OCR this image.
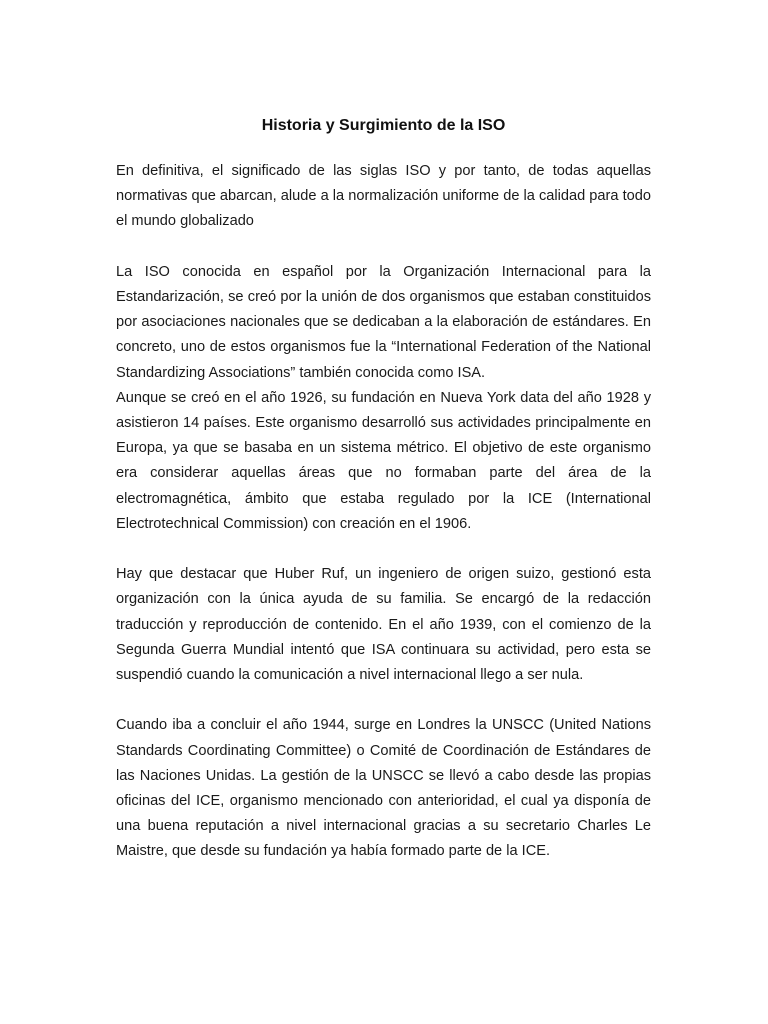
Historia y Surgimiento de la ISO

En definitiva, el significado de las siglas ISO y por tanto, de todas aquellas normativas que abarcan, alude a la normalización uniforme de la calidad para todo el mundo globalizado

La ISO conocida en español por la Organización Internacional para la Estandarización, se creó por la unión de dos organismos que estaban constituidos por asociaciones nacionales que se dedicaban a la elaboración de estándares. En concreto, uno de estos organismos fue la “International Federation of the National Standardizing Associations” también conocida como ISA.

Aunque se creó en el año 1926, su fundación en Nueva York data del año 1928 y asistieron 14 países. Este organismo desarrolló sus actividades principalmente en Europa, ya que se basaba en un sistema métrico. El objetivo de este organismo era considerar aquellas áreas que no formaban parte del área de la electromagnética, ámbito que estaba regulado por la ICE (International Electrotechnical Commission) con creación en el 1906.

Hay que destacar que Huber Ruf, un ingeniero de origen suizo, gestionó esta organización con la única ayuda de su familia. Se encargó de la redacción traducción y reproducción de contenido. En el año 1939, con el comienzo de la Segunda Guerra Mundial intentó que ISA continuara su actividad, pero esta se suspendió cuando la comunicación a nivel internacional llego a ser nula.

Cuando iba a concluir el año 1944, surge en Londres la UNSCC (United Nations Standards Coordinating Committee) o Comité de Coordinación de Estándares de las Naciones Unidas. La gestión de la UNSCC se llevó a cabo desde las propias oficinas del ICE, organismo mencionado con anterioridad, el cual ya disponía de una buena reputación a nivel internacional gracias a su secretario Charles Le Maistre, que desde su fundación ya había formado parte de la ICE.
